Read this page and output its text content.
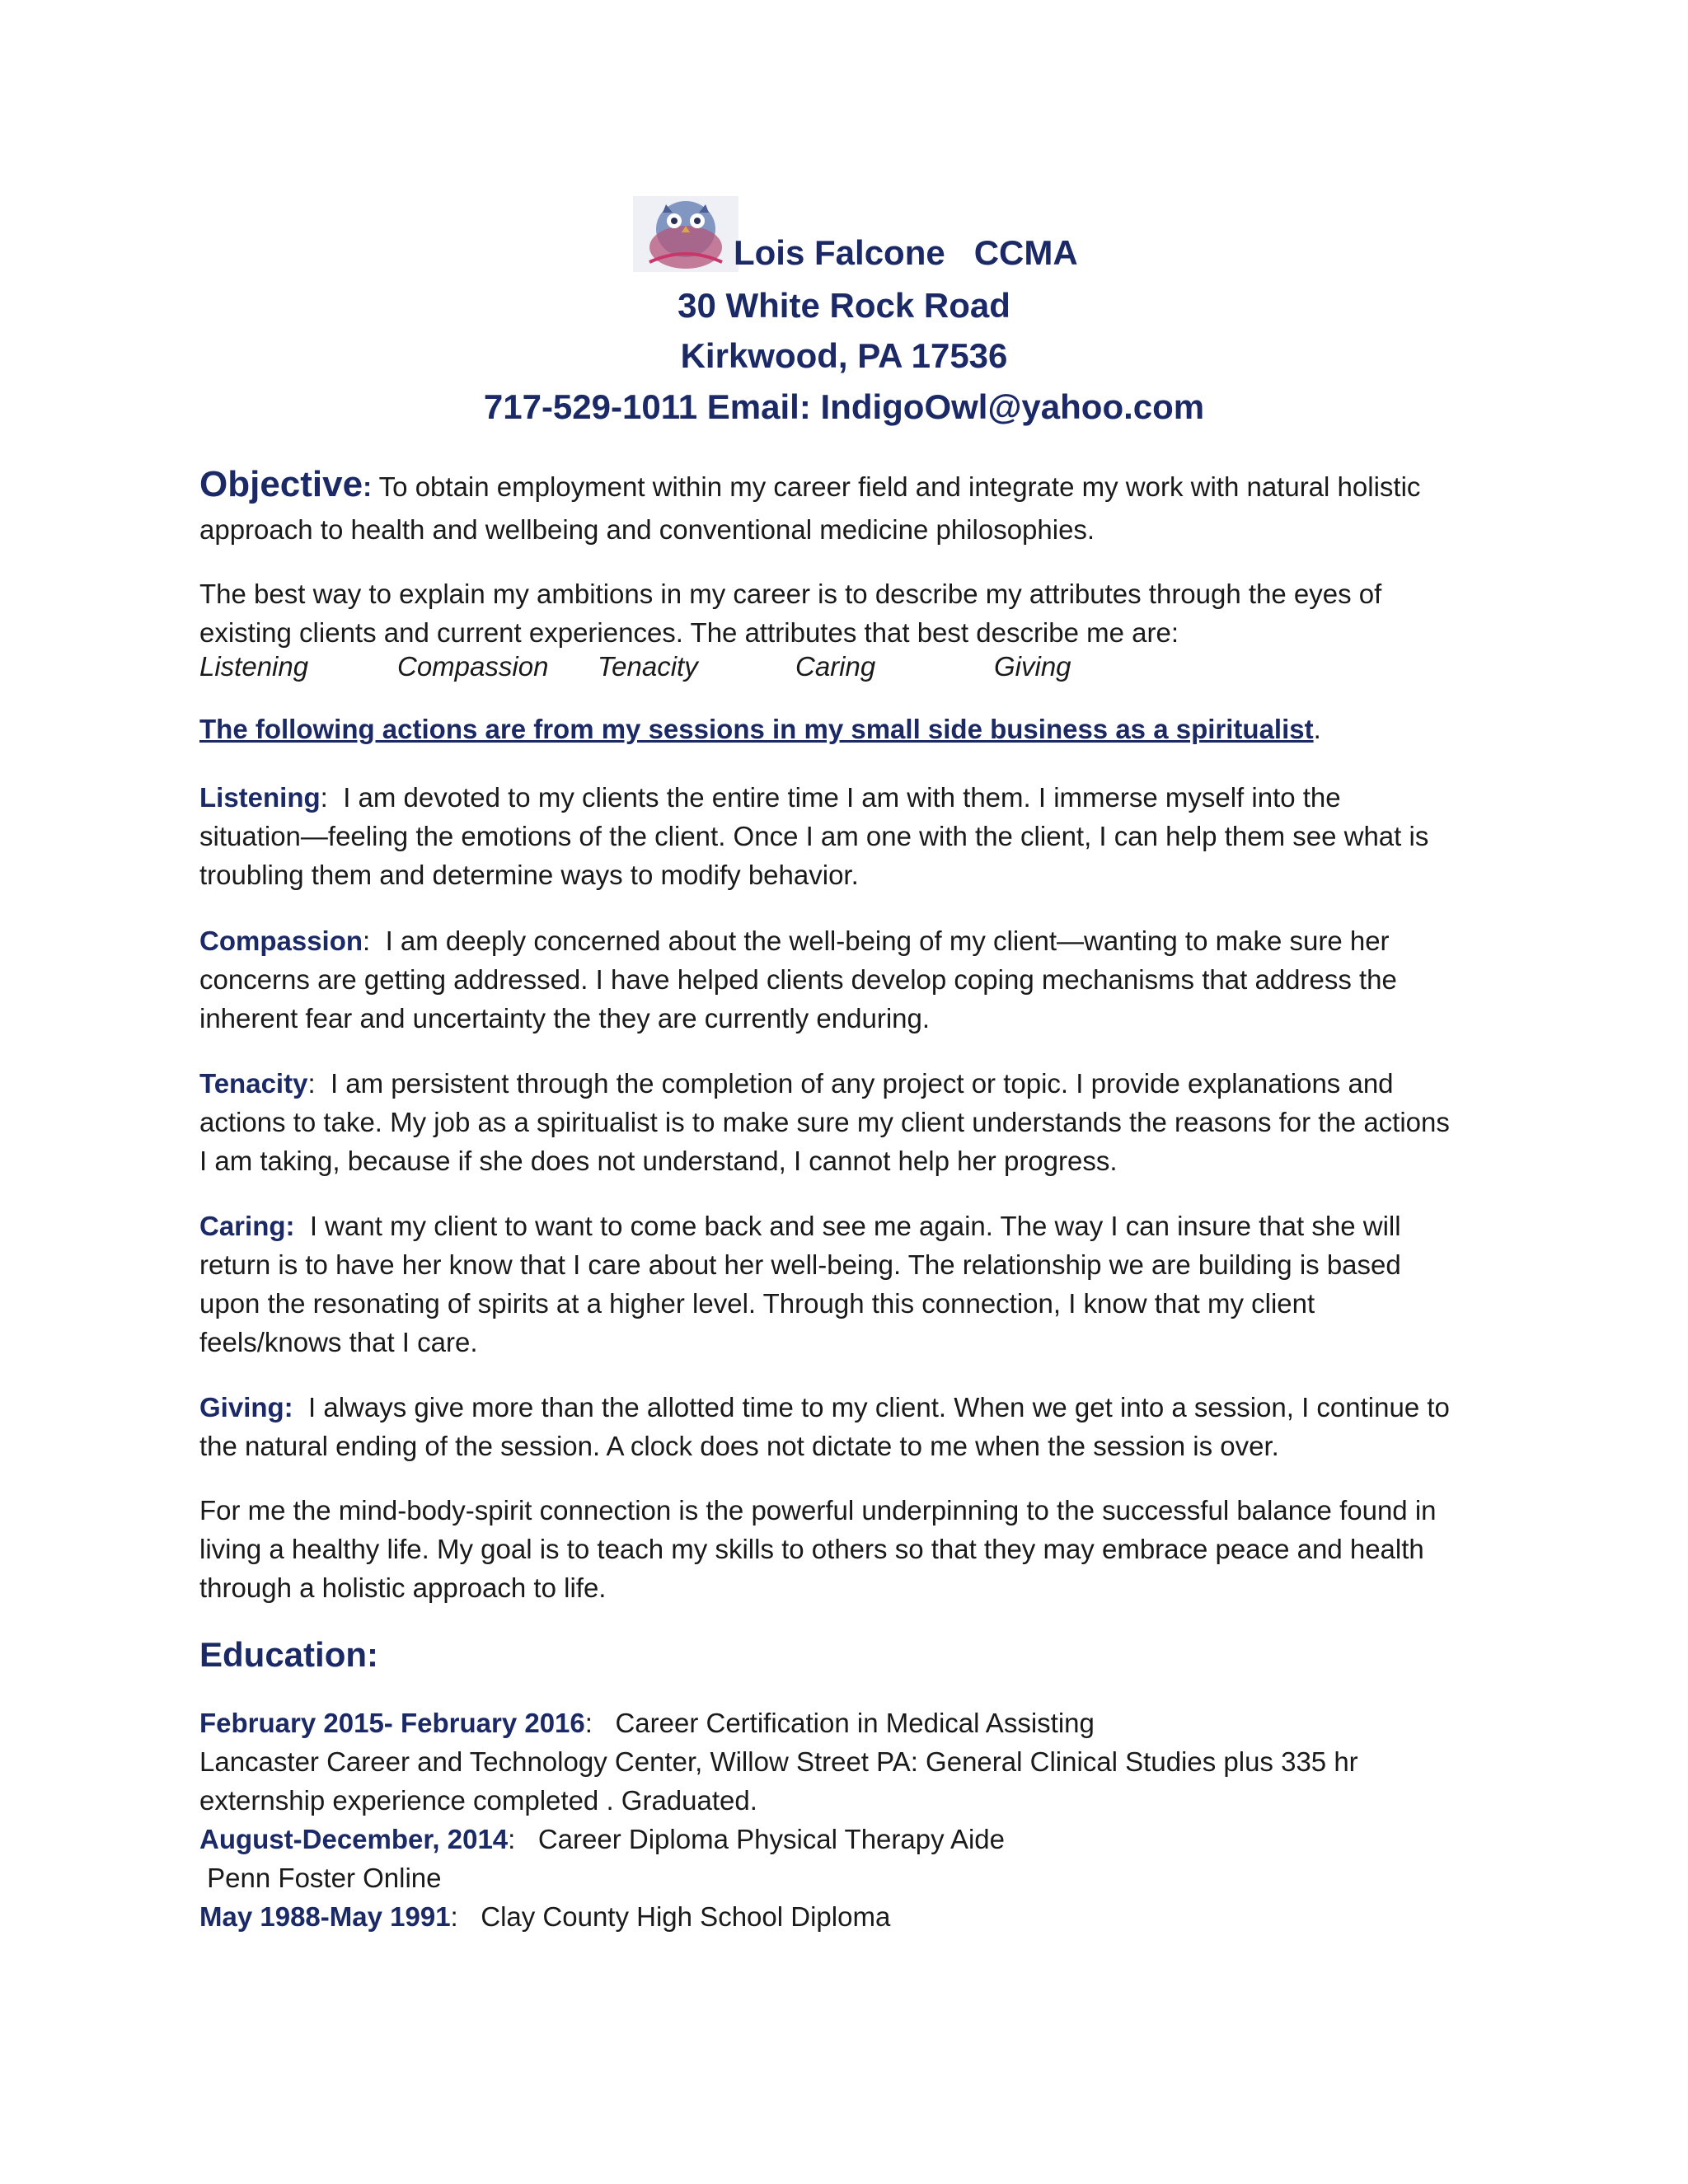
Lois Falcone   CCMA
30 White Rock Road
Kirkwood, PA 17536
717-529-1011 Email: IndigoOwl@yahoo.com

Objective: To obtain employment within my career field and integrate my work with natural holistic

approach to health and wellbeing and conventional medicine philosophies.

The best way to explain my ambitions in my career is to describe my attributes through the eyes of

existing clients and current experiences. The attributes that best describe me are:

Listening	Compassion Tenacity	Caring	Giving
The following actions are from my sessions in my small side business as a spiritualist.

Listening:  I am devoted to my clients the entire time I am with them. I immerse myself into the

situation—feeling the emotions of the client. Once I am one with the client, I can help them see what is

troubling them and determine ways to modify behavior.

Compassion:  I am deeply concerned about the well-being of my client—wanting to make sure her

concerns are getting addressed. I have helped clients develop coping mechanisms that address the

inherent fear and uncertainty the they are currently enduring.

Tenacity:  I am persistent through the completion of any project or topic. I provide explanations and

actions to take. My job as a spiritualist is to make sure my client understands the reasons for the actions

I am taking, because if she does not understand, I cannot help her progress.

Caring: I want my client to want to come back and see me again. The way I can insure that she will

return is to have her know that I care about her well-being. The relationship we are building is based

upon the resonating of spirits at a higher level. Through this connection, I know that my client

feels/knows that I care.

Giving: I always give more than the allotted time to my client. When we get into a session, I continue to

the natural ending of the session. A clock does not dictate to me when the session is over.

For me the mind-body-spirit connection is the powerful underpinning to the successful balance found in

living a healthy life. My goal is to teach my skills to others so that they may embrace peace and health

through a holistic approach to life.

Education:

February 2015- February 2016:   Career Certification in Medical Assisting

Lancaster Career and Technology Center, Willow Street PA: General Clinical Studies plus 335 hr

externship experience completed . Graduated.

August-December, 2014:   Career Diploma Physical Therapy Aide

Penn Foster Online

May 1988-May 1991:   Clay County High School Diploma
